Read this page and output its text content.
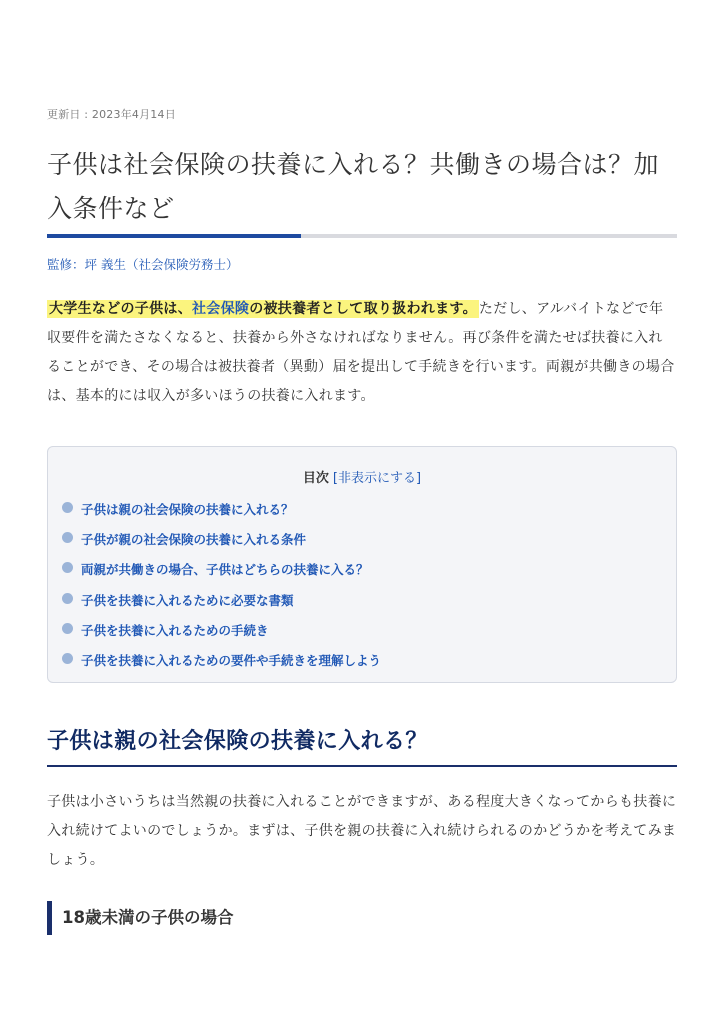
更新日 : 2023年4月14日
子供は社会保険の扶養に入れる？共働きの場合は？加入条件など
監修：坪 義生（社会保険労務士）

大学生などの子供は、社会保険の被扶養者として取り扱われます。 ただし、アルバイトなどで年収要件を満たさなくなると、扶養から外さなければなりません。再び条件を満たせば扶養に入れることができ、その場合は被扶養者（異動）届を提出して手続きを行います。両親が共働きの場合は、基本的には収入が多いほうの扶養に入れます。

目次 [非表示にする]
子供は親の社会保険の扶養に入れる？
子供が親の社会保険の扶養に入れる条件
両親が共働きの場合、子供はどちらの扶養に入る？
子供を扶養に入れるために必要な書類
子供を扶養に入れるための手続き
子供を扶養に入れるための要件や手続きを理解しよう
子供は親の社会保険の扶養に入れる？

子供は小さいうちは当然親の扶養に入れることができますが、ある程度大きくなってからも扶養に入れ続けてよいのでしょうか。まずは、子供を親の扶養に入れ続けられるのかどうかを考えてみましょう。

18歳未満の子供の場合
